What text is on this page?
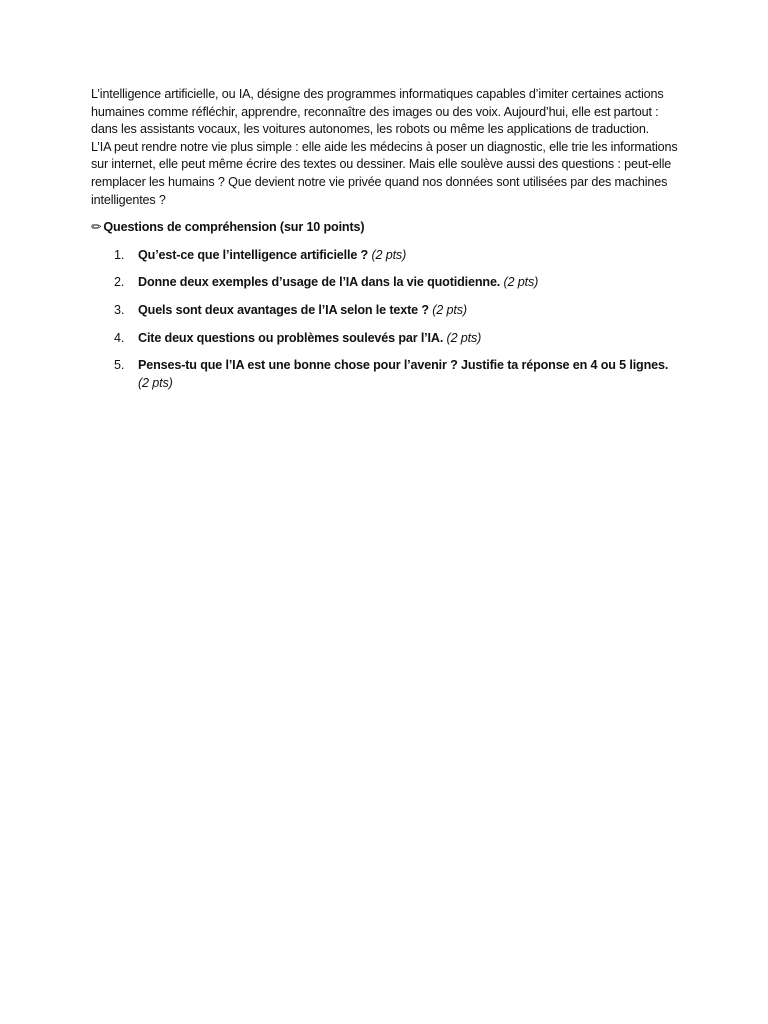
L’intelligence artificielle, ou IA, désigne des programmes informatiques capables d’imiter certaines actions humaines comme réfléchir, apprendre, reconnaître des images ou des voix. Aujourd’hui, elle est partout : dans les assistants vocaux, les voitures autonomes, les robots ou même les applications de traduction.

L’IA peut rendre notre vie plus simple : elle aide les médecins à poser un diagnostic, elle trie les informations sur internet, elle peut même écrire des textes ou dessiner. Mais elle soulève aussi des questions : peut-elle remplacer les humains ? Que devient notre vie privée quand nos données sont utilisées par des machines intelligentes ?

✏ Questions de compréhension (sur 10 points)

1. Qu’est-ce que l’intelligence artificielle ? (2 pts)
2. Donne deux exemples d’usage de l’IA dans la vie quotidienne. (2 pts)
3. Quels sont deux avantages de l’IA selon le texte ? (2 pts)
4. Cite deux questions ou problèmes soulevés par l’IA. (2 pts)
5. Penses-tu que l’IA est une bonne chose pour l’avenir ? Justifie ta réponse en 4 ou 5 lignes. (2 pts)
